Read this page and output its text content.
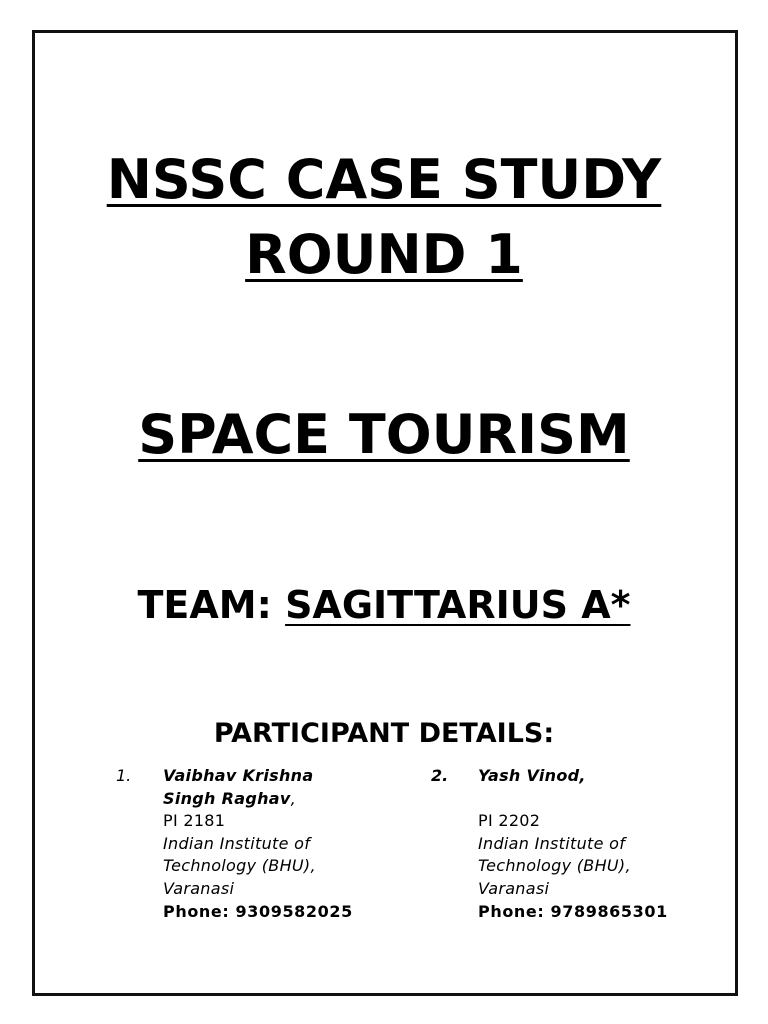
NSSC CASE STUDY
ROUND 1
SPACE TOURISM
TEAM: SAGITTARIUS A*
PARTICIPANT DETAILS:
1. Vaibhav Krishna
Singh Raghav,
PI 2181
Indian Institute of
Technology (BHU),
Varanasi
Phone: 9309582025
2. Yash Vinod,

PI 2202
Indian Institute of
Technology (BHU),
Varanasi
Phone: 9789865301
